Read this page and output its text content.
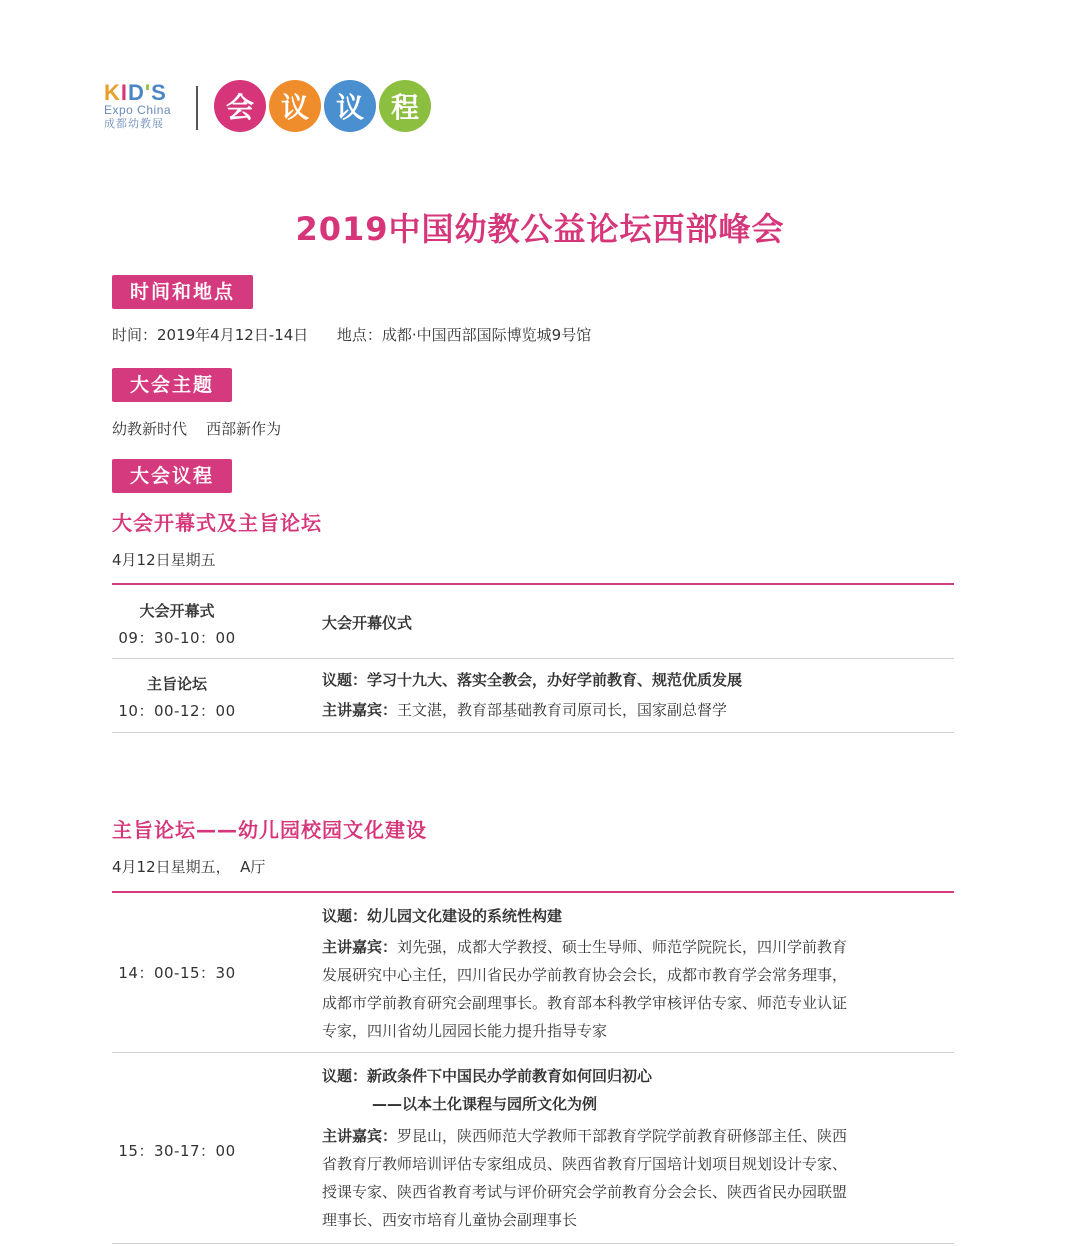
KID'S
Expo China
成都幼教展	会 议 议 程
2019中国幼教公益论坛西部峰会
时间和地点
时间：2019年4月12日-14日      地点：成都·中国西部国际博览城9号馆
大会主题
幼教新时代    西部新作为
大会议程
大会开幕式及主旨论坛
4月12日星期五
大会开幕式
09：30-10：00
大会开幕仪式
主旨论坛
10：00-12：00
议题：学习十九大、落实全教会，办好学前教育、规范优质发展
主讲嘉宾：王文湛，教育部基础教育司原司长，国家副总督学
主旨论坛——幼儿园校园文化建设
4月12日星期五，  A厅
14：00-15：30
议题：幼儿园文化建设的系统性构建
主讲嘉宾：刘先强，成都大学教授、硕士生导师、师范学院院长，四川学前教育
发展研究中心主任，四川省民办学前教育协会会长，成都市教育学会常务理事，
成都市学前教育研究会副理事长。教育部本科教学审核评估专家、师范专业认证
专家，四川省幼儿园园长能力提升指导专家
15：30-17：00
议题：新政条件下中国民办学前教育如何回归初心
——以本土化课程与园所文化为例
主讲嘉宾：罗昆山，陕西师范大学教师干部教育学院学前教育研修部主任、陕西
省教育厅教师培训评估专家组成员、陕西省教育厅国培计划项目规划设计专家、
授课专家、陕西省教育考试与评价研究会学前教育分会会长、陕西省民办园联盟
理事长、西安市培育儿童协会副理事长
